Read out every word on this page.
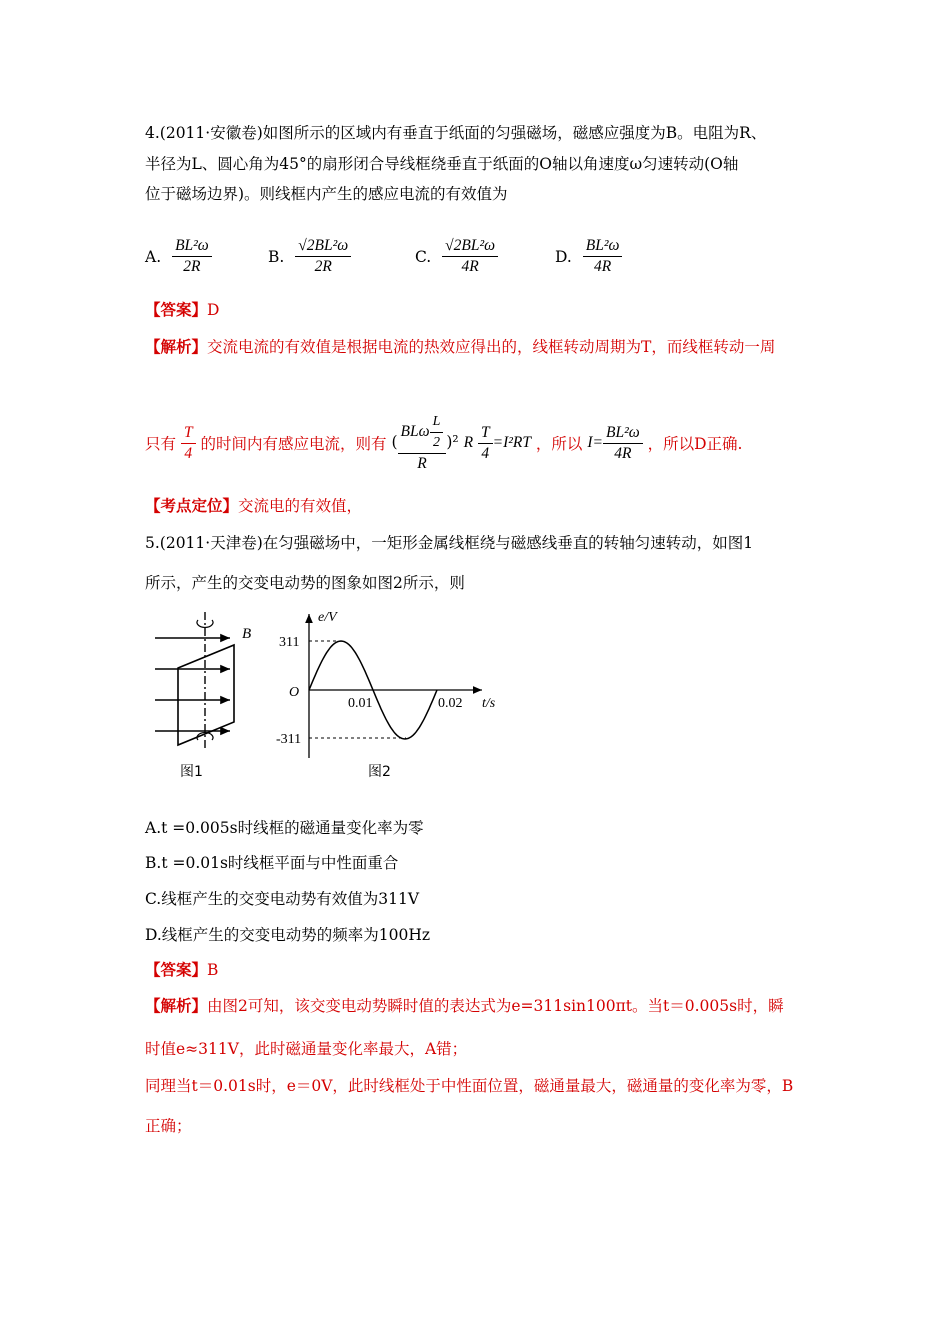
4.(2011·安徽卷)如图所示的区域内有垂直于纸面的匀强磁场，磁感应强度为B。电阻为R、
半径为L、圆心角为45°的扇形闭合导线框绕垂直于纸面的O轴以角速度ω匀速转动(O轴
位于磁场边界)。则线框内产生的感应电流的有效值为
A. $\frac{\text{BL²ω}}{2R}$	B. $\frac{\text{√2BL²ω}}{2R}$	C. $\frac{\text{√2BL²ω}}{4R}$	D. $\frac{\text{BL²ω}}{4R}$
【答案】D
【解析】交流电流的有效值是根据电流的热效应得出的，线框转动周期为T，而线框转动一周
只有 $\frac{T}{4}$ 的时间内有感应电流，则有 ( $\frac{BL\omega \frac{L}{2}}{R} )^2$ R $\frac{T}{4} =I^2RT$ ，所以 $I= \frac{\text{BL²ω}}{4R}$ ，所以D正确.
【考点定位】交流电的有效值，
5.(2011·天津卷)在匀强磁场中，一矩形金属线框绕与磁感线垂直的转轴匀速转动，如图1
所示，产生的交变电动势的图象如图2所示，则
B
图1
e/V
t/s
O
311
-311
0.01	0.02
图2
A.t =0.005s时线框的磁通量变化率为零
B.t =0.01s时线框平面与中性面重合
C.线框产生的交变电动势有效值为311V
D.线框产生的交变电动势的频率为100Hz
【答案】B
【解析】由图2可知，该交变电动势瞬时值的表达式为e=311sin100πt。当t＝0.005s时，瞬
时值e≈311V，此时磁通量变化率最大，A错；
同理当t＝0.01s时，e＝0V，此时线框处于中性面位置，磁通量最大，磁通量的变化率为零，B
正确；
